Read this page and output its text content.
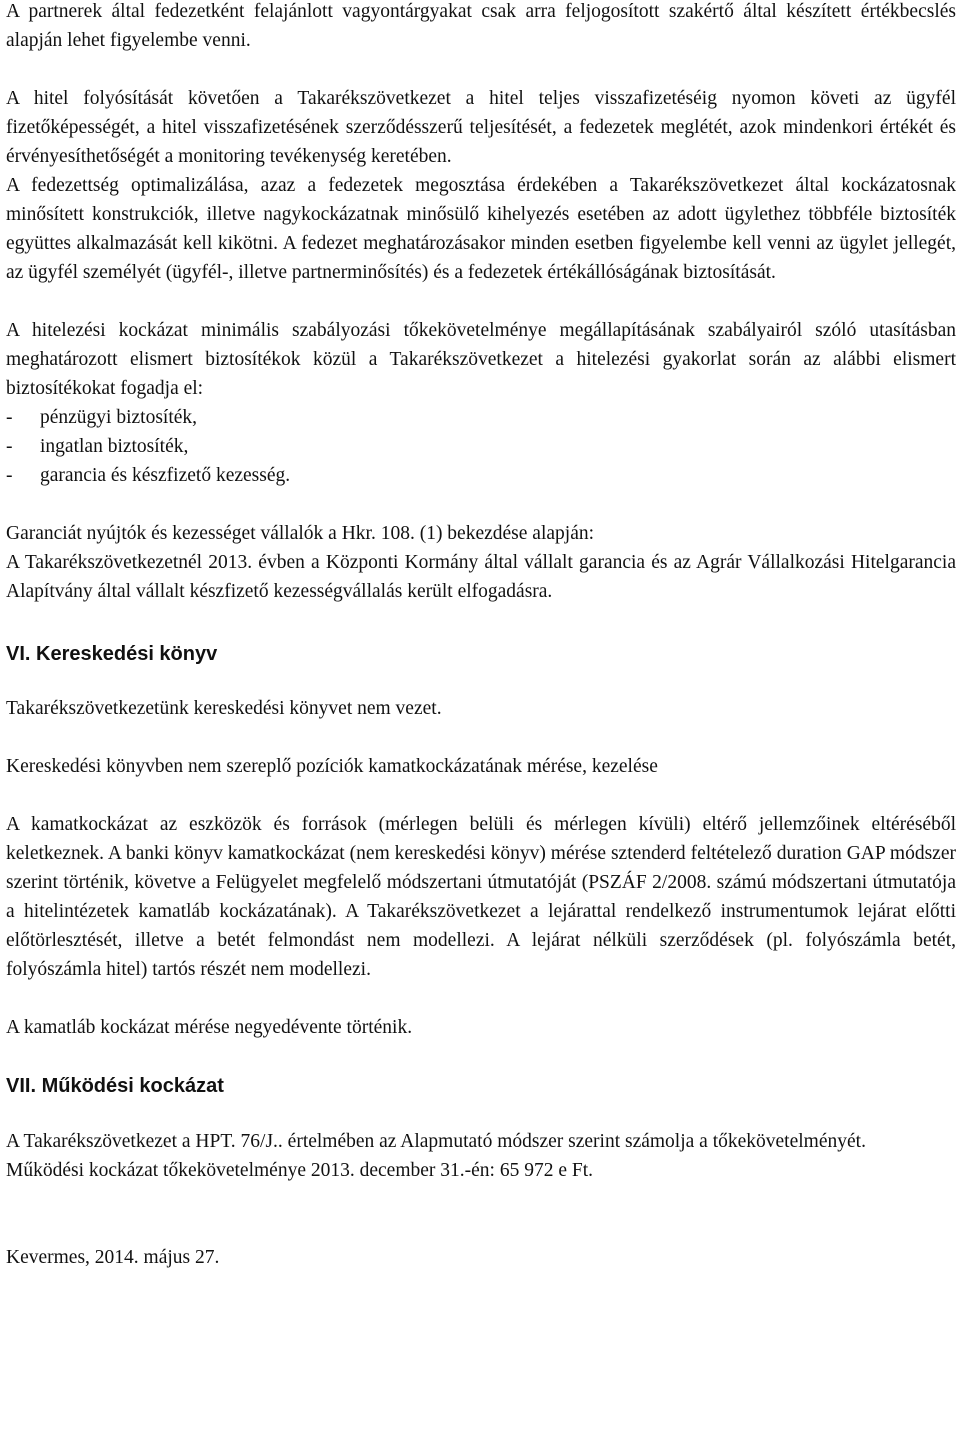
A partnerek által fedezetként felajánlott vagyontárgyakat csak arra feljogosított szakértő által készített értékbecslés alapján lehet figyelembe venni.

A hitel folyósítását követően a Takarékszövetkezet a hitel teljes visszafizetéséig nyomon követi az ügyfél fizetőképességét, a hitel visszafizetésének szerződésszerű teljesítését, a fedezetek meglétét, azok mindenkori értékét és érvényesíthetőségét a monitoring tevékenység keretében.

A fedezettség optimalizálása, azaz a fedezetek megosztása érdekében a Takarékszövetkezet által kockázatosnak minősített konstrukciók, illetve nagykockázatnak minősülő kihelyezés esetében az adott ügylethez többféle biztosíték együttes alkalmazását kell kikötni. A fedezet meghatározásakor minden esetben figyelembe kell venni az ügylet jellegét, az ügyfél személyét (ügyfél-, illetve partnerminősítés) és a fedezetek értékállóságának biztosítását.

A hitelezési kockázat minimális szabályozási tőkekövetelménye megállapításának szabályairól szóló utasításban meghatározott elismert biztosítékok közül a Takarékszövetkezet a hitelezési gyakorlat során az alábbi elismert biztosítékokat fogadja el:

-	pénzügyi biztosíték,
-	ingatlan biztosíték,
-	garancia és készfizető kezesség.

Garanciát nyújtók és kezességet vállalók a Hkr. 108. (1) bekezdése alapján:

A Takarékszövetkezetnél 2013. évben a Központi Kormány által vállalt garancia és az Agrár Vállalkozási Hitelgarancia Alapítvány által vállalt készfizető kezességvállalás került elfogadásra.

VI. Kereskedési könyv

Takarékszövetkezetünk kereskedési könyvet nem vezet.

Kereskedési könyvben nem szereplő pozíciók kamatkockázatának mérése, kezelése

A kamatkockázat az eszközök és források (mérlegen belüli és mérlegen kívüli) eltérő jellemzőinek eltéréséből keletkeznek. A banki könyv kamatkockázat (nem kereskedési könyv) mérése sztenderd feltételező duration GAP módszer szerint történik, követve a Felügyelet megfelelő módszertani útmutatóját (PSZÁF 2/2008. számú módszertani útmutatója a hitelintézetek kamatláb kockázatának). A Takarékszövetkezet a lejárattal rendelkező instrumentumok lejárat előtti előtörlesztését, illetve a betét felmondást nem modellezi. A lejárat nélküli szerződések (pl. folyószámla betét, folyószámla hitel) tartós részét nem modellezi.

A kamatláb kockázat mérése negyedévente történik.

VII. Működési kockázat

A Takarékszövetkezet a HPT. 76/J.. értelmében az Alapmutató módszer szerint számolja a tőkekövetelményét.

Működési kockázat tőkekövetelménye 2013. december 31.-én: 65 972 e Ft.

Kevermes, 2014. május 27.
